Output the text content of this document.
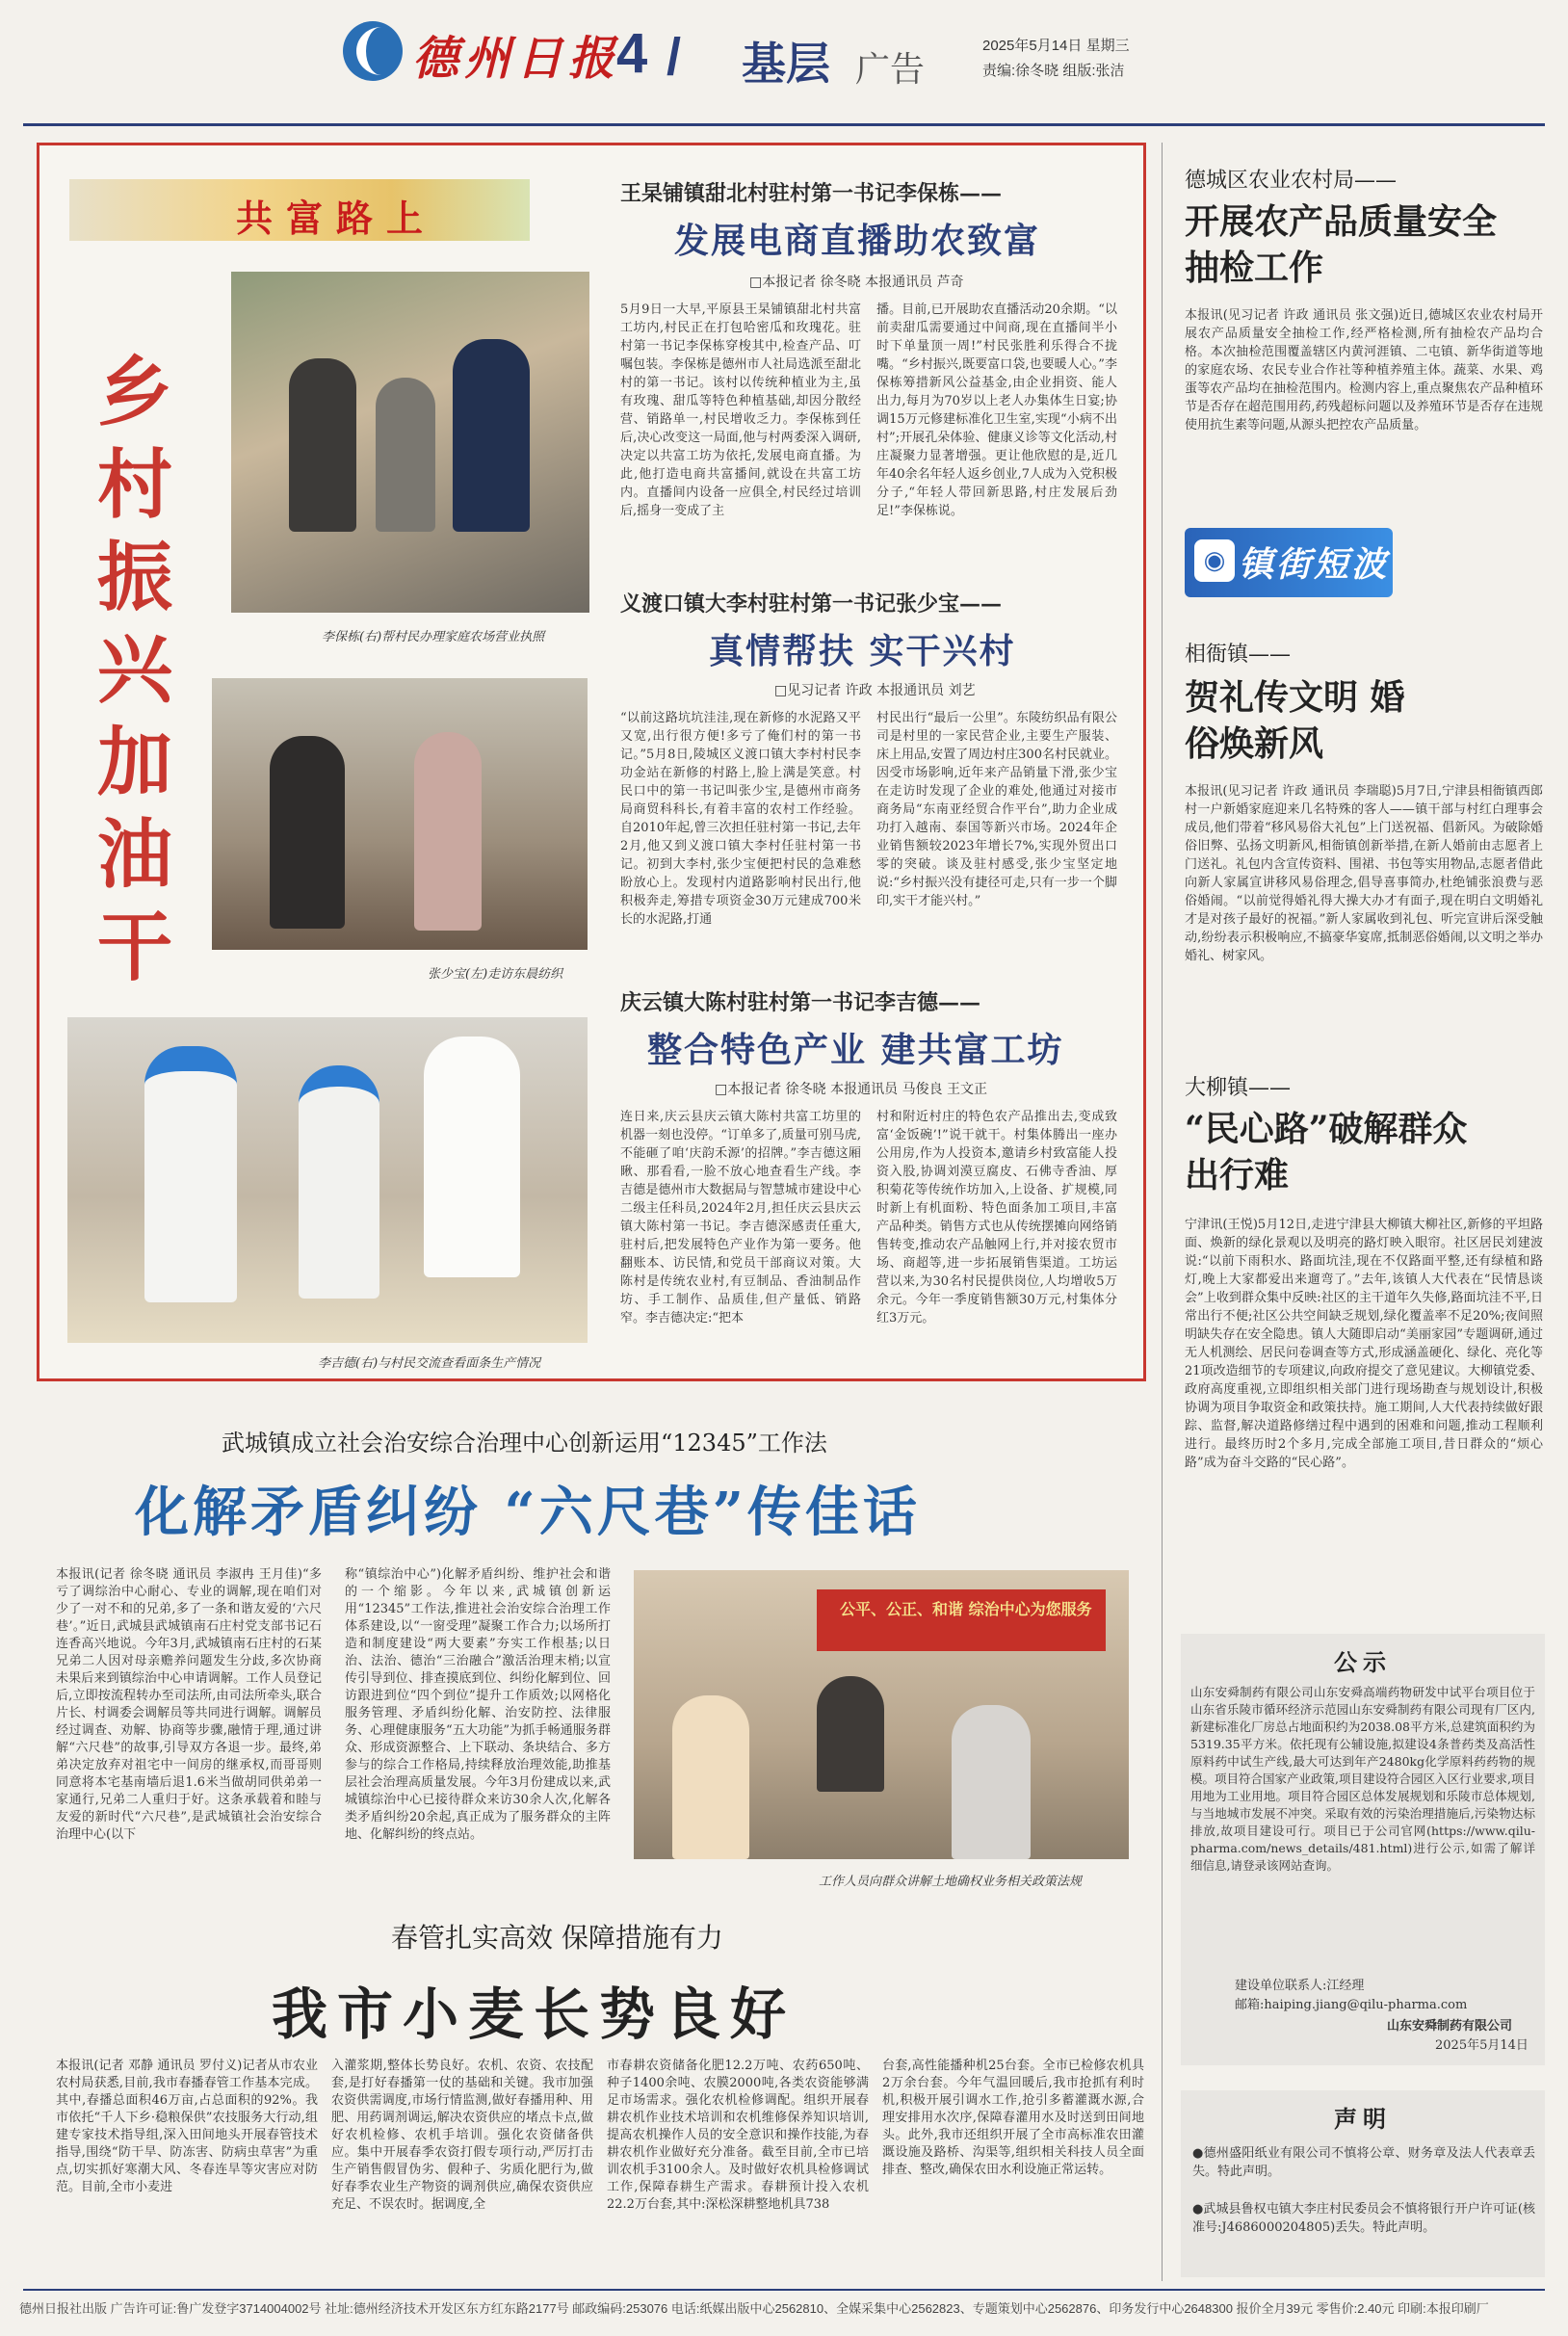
德州日报
4 / 基层 广告
2025年5月14日 星期三
责编:徐冬晓 组版:张洁
共富路上
乡村振兴加油干
李保栋(右)帮村民办理家庭农场营业执照
张少宝(左)走访东晨纺织
李吉德(右)与村民交流查看面条生产情况
王杲铺镇甜北村驻村第一书记李保栋——
发展电商直播助农致富
□本报记者 徐冬晓 本报通讯员 芦奇
5月9日一大早,平原县王杲铺镇甜北村共富工坊内,村民正在打包哈密瓜和玫瑰花。驻村第一书记李保栋穿梭其中,检查产品、叮嘱包装。李保栋是德州市人社局选派至甜北村的第一书记。该村以传统种植业为主,虽有玫瑰、甜瓜等特色种植基础,却因分散经营、销路单一,村民增收乏力。李保栋到任后,决心改变这一局面,他与村两委深入调研,决定以共富工坊为依托,发展电商直播。为此,他打造电商共富播间,就设在共富工坊内。直播间内设备一应俱全,村民经过培训后,摇身一变成了主
播。目前,已开展助农直播活动20余期。“以前卖甜瓜需要通过中间商,现在直播间半小时下单量顶一周!”村民张胜利乐得合不拢嘴。“乡村振兴,既要富口袋,也要暖人心。”李保栋筹措新风公益基金,由企业捐资、能人出力,每月为70岁以上老人办集体生日宴;协调15万元修建标准化卫生室,实现“小病不出村”;开展孔朵体验、健康义诊等文化活动,村庄凝聚力显著增强。更让他欣慰的是,近几年40余名年轻人返乡创业,7人成为入党积极分子,“年轻人带回新思路,村庄发展后劲足!”李保栋说。
义渡口镇大李村驻村第一书记张少宝——
真情帮扶 实干兴村
□见习记者 许政 本报通讯员 刘艺
“以前这路坑坑洼洼,现在新修的水泥路又平又宽,出行很方便!多亏了俺们村的第一书记。”5月8日,陵城区义渡口镇大李村村民李功金站在新修的村路上,脸上满是笑意。村民口中的第一书记叫张少宝,是德州市商务局商贸科科长,有着丰富的农村工作经验。自2010年起,曾三次担任驻村第一书记,去年2月,他又到义渡口镇大李村任驻村第一书记。初到大李村,张少宝便把村民的急难愁盼放心上。发现村内道路影响村民出行,他积极奔走,筹措专项资金30万元建成700米长的水泥路,打通
村民出行“最后一公里”。东陵纺织品有限公司是村里的一家民营企业,主要生产服装、床上用品,安置了周边村庄300名村民就业。因受市场影响,近年来产品销量下滑,张少宝在走访时发现了企业的难处,他通过对接市商务局“东南亚经贸合作平台”,助力企业成功打入越南、泰国等新兴市场。2024年企业销售额较2023年增长7%,实现外贸出口零的突破。谈及驻村感受,张少宝坚定地说:“乡村振兴没有捷径可走,只有一步一个脚印,实干才能兴村。”
庆云镇大陈村驻村第一书记李吉德——
整合特色产业 建共富工坊
□本报记者 徐冬晓 本报通讯员 马俊良 王文正
连日来,庆云县庆云镇大陈村共富工坊里的机器一刻也没停。“订单多了,质量可别马虎,不能砸了咱‘庆韵禾源’的招牌。”李吉德这厢瞅、那看看,一脸不放心地查看生产线。李吉德是德州市大数据局与智慧城市建设中心二级主任科员,2024年2月,担任庆云县庆云镇大陈村第一书记。李吉德深感责任重大,驻村后,把发展特色产业作为第一要务。他翻账本、访民情,和党员干部商议对策。大陈村是传统农业村,有豆制品、香油制品作坊、手工制作、品质佳,但产量低、销路窄。李吉德决定:“把本
村和附近村庄的特色农产品推出去,变成致富‘金饭碗’!”说干就干。村集体腾出一座办公用房,作为人投资本,邀请乡村致富能人投资入股,协调刘漠豆腐皮、石佛寺香油、厚积菊花等传统作坊加入,上设备、扩规模,同时新上有机面粉、特色面条加工项目,丰富产品种类。销售方式也从传统摆摊向网络销售转变,推动农产品触网上行,并对接农贸市场、商超等,进一步拓展销售渠道。工坊运营以来,为30名村民提供岗位,人均增收5万余元。今年一季度销售额30万元,村集体分红3万元。
德城区农业农村局——
开展农产品质量安全抽检工作
本报讯(见习记者 许政 通讯员 张文强)近日,德城区农业农村局开展农产品质量安全抽检工作,经严格检测,所有抽检农产品均合格。本次抽检范围覆盖辖区内黄河涯镇、二屯镇、新华街道等地的家庭农场、农民专业合作社等种植养殖主体。蔬菜、水果、鸡蛋等农产品均在抽检范围内。检测内容上,重点聚焦农产品种植环节是否存在超范围用药,药残超标问题以及养殖环节是否存在违规使用抗生素等问题,从源头把控农产品质量。
◉ 镇街短波
相衙镇——
贺礼传文明 婚俗焕新风
本报讯(见习记者 许政 通讯员 李瑞聪)5月7日,宁津县相衙镇西郎村一户新婚家庭迎来几名特殊的客人——镇干部与村红白理事会成员,他们带着“移风易俗大礼包”上门送祝福、倡新风。为破除婚俗旧弊、弘扬文明新风,相衙镇创新举措,在新人婚前由志愿者上门送礼。礼包内含宣传资料、围裙、书包等实用物品,志愿者借此向新人家属宣讲移风易俗理念,倡导喜事简办,杜绝铺张浪费与恶俗婚闹。“以前觉得婚礼得大操大办才有面子,现在明白文明婚礼才是对孩子最好的祝福。”新人家属收到礼包、听完宣讲后深受触动,纷纷表示积极响应,不搞豪华宴席,抵制恶俗婚闹,以文明之举办婚礼、树家风。
大柳镇——
“民心路”破解群众出行难
宁津讯(王悦)5月12日,走进宁津县大柳镇大柳社区,新修的平坦路面、焕新的绿化景观以及明亮的路灯映入眼帘。社区居民刘建波说:“以前下雨积水、路面坑洼,现在不仅路面平整,还有绿植和路灯,晚上大家都爱出来遛弯了。”去年,该镇人大代表在“民情恳谈会”上收到群众集中反映:社区的主干道年久失修,路面坑洼不平,日常出行不便;社区公共空间缺乏规划,绿化覆盖率不足20%;夜间照明缺失存在安全隐患。镇人大随即启动“美丽家园”专题调研,通过无人机测绘、居民问卷调查等方式,形成涵盖硬化、绿化、亮化等21项改造细节的专项建议,向政府提交了意见建议。大柳镇党委、政府高度重视,立即组织相关部门进行现场勘查与规划设计,积极协调为项目争取资金和政策扶持。施工期间,人大代表持续做好跟踪、监督,解决道路修缮过程中遇到的困难和问题,推动工程顺利进行。最终历时2个多月,完成全部施工项目,昔日群众的“烦心路”成为奋斗交路的“民心路”。
公示
山东安舜制药有限公司山东安舜高端药物研发中试平台项目位于山东省乐陵市循环经济示范园山东安舜制药有限公司现有厂区内,新建标准化厂房总占地面积约为2038.08平方米,总建筑面积约为5319.35平方米。依托现有公辅设施,拟建设4条普药类及高活性原料药中试生产线,最大可达到年产2480kg化学原料药药物的规模。项目符合国家产业政策,项目建设符合园区入区行业要求,项目用地为工业用地。项目符合园区总体发展规划和乐陵市总体规划,与当地城市发展不冲突。采取有效的污染治理措施后,污染物达标排放,故项目建设可行。项目已于公司官网(https://www.qilu-pharma.com/news_details/481.html)进行公示,如需了解详细信息,请登录该网站查询。
建设单位联系人:江经理
邮箱:haiping.jiang@qilu-pharma.com
山东安舜制药有限公司
2025年5月14日
声明
●德州盛阳纸业有限公司不慎将公章、财务章及法人代表章丢失。特此声明。
●武城县鲁权屯镇大李庄村民委员会不慎将银行开户许可证(核准号:J4686000204805)丢失。特此声明。
武城镇成立社会治安综合治理中心创新运用“12345”工作法
化解矛盾纠纷 “六尺巷”传佳话
本报讯(记者 徐冬晓 通讯员 李淑冉 王月佳)“多亏了调综治中心耐心、专业的调解,现在咱们对少了一对不和的兄弟,多了一条和谐友爱的‘六尺巷’。”近日,武城县武城镇南石庄村党支部书记石连香高兴地说。今年3月,武城镇南石庄村的石某兄弟二人因对母亲赡养问题发生分歧,多次协商未果后来到镇综治中心申请调解。工作人员登记后,立即按流程转办至司法所,由司法所牵头,联合片长、村调委会调解员等共同进行调解。调解员经过调查、劝解、协商等步骤,融情于理,通过讲解“六尺巷”的故事,引导双方各退一步。最终,弟弟决定放弃对祖宅中一间房的继承权,而哥哥则同意将本宅基南墙后退1.6米当做胡同供弟弟一家通行,兄弟二人重归于好。这条承载着和睦与友爱的新时代“六尺巷”,是武城镇社会治安综合治理中心(以下
称“镇综治中心”)化解矛盾纠纷、维护社会和谐的一个缩影。今年以来,武城镇创新运用“12345”工作法,推进社会治安综合治理工作体系建设,以“一窗受理”凝聚工作合力;以场所打造和制度建设“两大要素”夯实工作根基;以日治、法治、德治“三治融合”激活治理末梢;以宣传引导到位、排查摸底到位、纠纷化解到位、回访跟进到位“四个到位”提升工作质效;以网格化服务管理、矛盾纠纷化解、治安防控、法律服务、心理健康服务“五大功能”为抓手畅通服务群众、形成资源整合、上下联动、条块结合、多方参与的综合工作格局,持续释放治理效能,助推基层社会治理高质量发展。今年3月份建成以来,武城镇综治中心已接待群众来访30余人次,化解各类矛盾纠纷20余起,真正成为了服务群众的主阵地、化解纠纷的终点站。
公平、公正、和谐 综治中心为您服务
工作人员向群众讲解土地确权业务相关政策法规
春管扎实高效 保障措施有力
我市小麦长势良好
本报讯(记者 邓静 通讯员 罗付义)记者从市农业农村局获悉,目前,我市春播春管工作基本完成。其中,春播总面积46万亩,占总面积的92%。我市依托“千人下乡·稳粮保供”农技服务大行动,组建专家技术指导组,深入田间地头开展春管技术指导,围绕“防干旱、防冻害、防病虫草害”为重点,切实抓好寒潮大风、冬春连旱等灾害应对防范。目前,全市小麦进
入灌浆期,整体长势良好。农机、农资、农技配套,是打好春播第一仗的基础和关键。我市加强农资供需调度,市场行情监测,做好春播用种、用肥、用药调剂调运,解决农资供应的堵点卡点,做好农机检修、农机手培训。强化农资储备供应。集中开展春季农资打假专项行动,严厉打击生产销售假冒伪劣、假种子、劣质化肥行为,做好春季农业生产物资的调剂供应,确保农资供应充足、不误农时。据调度,全
市春耕农资储备化肥12.2万吨、农药650吨、种子1400余吨、农膜2000吨,各类农资能够满足市场需求。强化农机检修调配。组织开展春耕农机作业技术培训和农机维修保养知识培训,提高农机操作人员的安全意识和操作技能,为春耕农机作业做好充分准备。截至目前,全市已培训农机手3100余人。及时做好农机具检修调试工作,保障春耕生产需求。春耕预计投入农机22.2万台套,其中:深松深耕整地机具738
台套,高性能播种机25台套。全市已检修农机具2万余台套。今年气温回暖后,我市抢抓有利时机,积极开展引调水工作,抢引多蓄灌溉水源,合理安排用水次序,保障春灌用水及时送到田间地头。此外,我市还组织开展了全市高标准农田灌溉设施及路桥、沟渠等,组织相关科技人员全面排查、整改,确保农田水利设施正常运转。
德州日报社出版 广告许可证:鲁广发登字3714004002号 社址:德州经济技术开发区东方红东路2177号 邮政编码:253076 电话:纸媒出版中心2562810、全媒采集中心2562823、专题策划中心2562876、印务发行中心2648300 报价全月39元 零售价:2.40元 印刷:本报印刷厂
